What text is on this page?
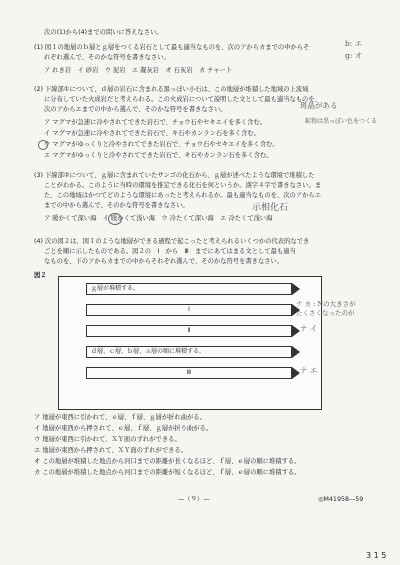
次の(1)から(4)までの問いに答えなさい。
(1) 図１の地層のｂ層とｇ層をつくる岩石として最も適当なものを、次のアからカまでの中からそ
れぞれ選んで、そのかな符号を書きなさい。
ア れき岩　イ 砂岩　ウ 泥岩　エ 凝灰岩　オ 石灰岩　カ チャート
b: エ
g: オ
(2) 下線部①について、ｄ層の岩石に含まれる黒っぽい小石は、この地層が堆積した地域の上流域
に分布していた火成岩だと考えられる。この火成岩について説明した文として最も適当なものを、
次のアからエまでの中から選んで、そのかな符号を書きなさい。	斑晶がある
鉱物は黒っぽい色をつくる
ア マグマが急速に冷やされてできた岩石で、チョウ石やセキエイを多く含む。
イ マグマが急速に冷やされてできた岩石で、キ石やカンラン石を多く含む。
ウ マグマがゆっくりと冷やされてできた岩石で、チョウ石やセキエイを多く含む。
エ マグマがゆっくりと冷やされてできた岩石で、キ石やカンラン石を多く含む。
(3) 下線部②について、ｇ層に含まれていたサンゴの化石から、ｇ層が述べたような環境で堆積した
ことがわかる。このように当時の環境を推定できる化石を何というか。漢字４字で書きなさい。ま
た、この地域はかつてどのような環境にあったと考えられるか。最も適当なものを、次のアからエ
までの中から選んで、そのかな符号を書きなさい。	示相化石
ア 暖かくて深い海　イ 暖かくて浅い海　ウ 冷たくて深い海　エ 冷たくて浅い海
(4) 次の図２は、図１のような地層ができる過程で起こったと考えられるいくつかの代表的なでき
ごとを順に示したものである。図２の　Ⅰ　から　Ⅲ　までにあてはまる文として最も適当
なものを、下のアからカまでの中からそれぞれ選んで、そのかな符号を書きなさい。
図２
ｇ層が堆積する。
Ⅰ
Ⅱ
ｄ層、ｃ層、ｂ層、ａ層の順に堆積する。
Ⅲ
ナ カ : Nの大きさが
たくさくなったのが
ナ イ
ナ エ
ア 地層が東西に引かれて、ｅ層、ｆ層、ｇ層が折れ曲がる。
イ 地層が東西から押されて、ｅ層、ｆ層、ｇ層が折り曲がる。
ウ 地層が東西に引かれて、ＸＹ面のずれができる。
エ 地層が東西から押されて、ＸＹ面のずれができる。
オ この地層が堆積した地点から河口までの距離が長くなるほど、ｆ層、ｅ層の順に堆積する。
カ この地層が堆積した地点から河口までの距離が短くなるほど、ｆ層、ｅ層の順に堆積する。
—（９）—	◎M41958—59
3 1 5
